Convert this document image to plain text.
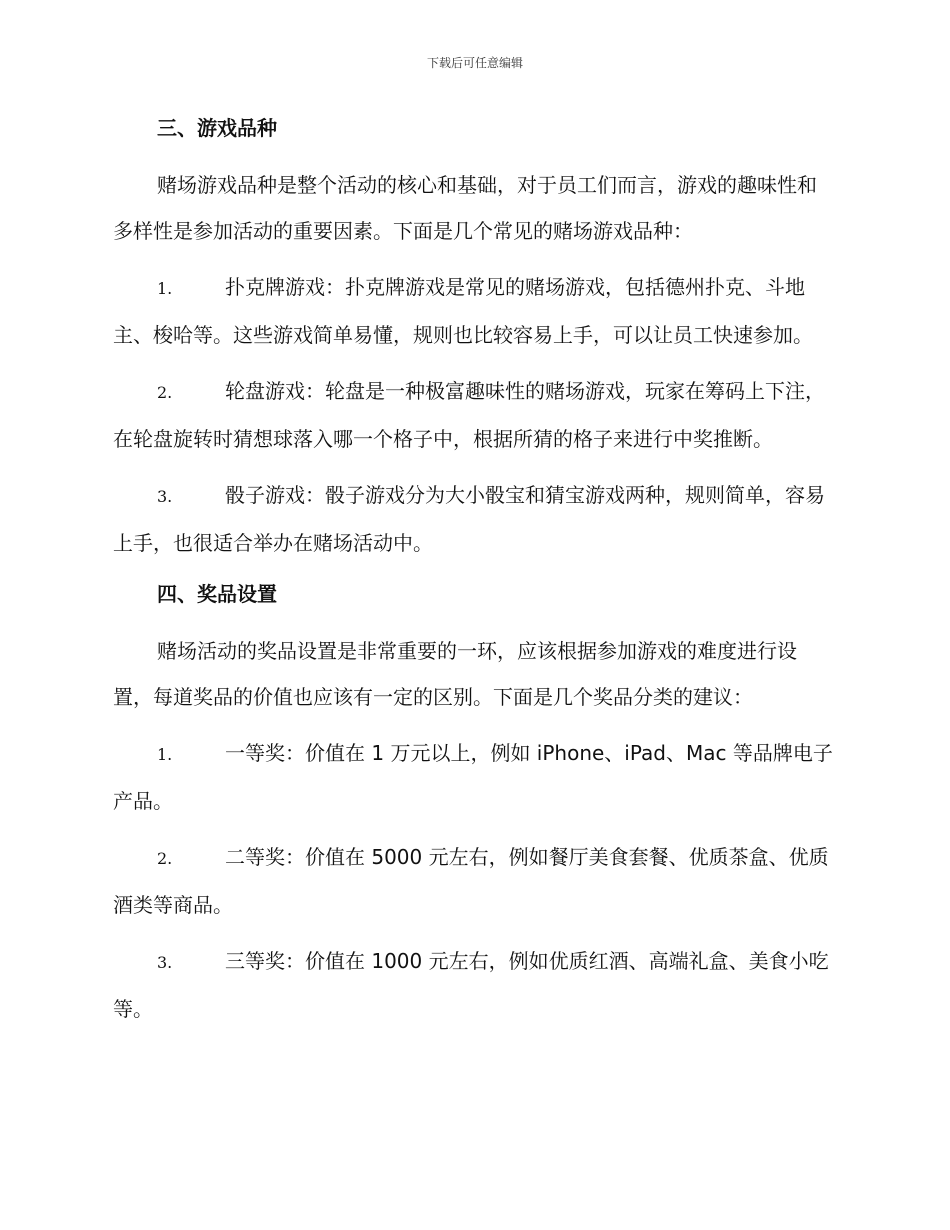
下载后可任意编辑
三、游戏品种

赌场游戏品种是整个活动的核心和基础，对于员工们而言，游戏的趣味性和多样性是参加活动的重要因素。下面是几个常见的赌场游戏品种：

1.	扑克牌游戏：扑克牌游戏是常见的赌场游戏，包括德州扑克、斗地主、梭哈等。这些游戏简单易懂，规则也比较容易上手，可以让员工快速参加。

2.	轮盘游戏：轮盘是一种极富趣味性的赌场游戏，玩家在筹码上下注，在轮盘旋转时猜想球落入哪一个格子中，根据所猜的格子来进行中奖推断。

3.	骰子游戏：骰子游戏分为大小骰宝和猜宝游戏两种，规则简单，容易上手，也很适合举办在赌场活动中。

四、奖品设置

赌场活动的奖品设置是非常重要的一环，应该根据参加游戏的难度进行设置，每道奖品的价值也应该有一定的区别。下面是几个奖品分类的建议：

1.	一等奖：价值在 1 万元以上，例如 iPhone、iPad、Mac 等品牌电子产品。

2.	二等奖：价值在 5000 元左右，例如餐厅美食套餐、优质茶盒、优质酒类等商品。

3.	三等奖：价值在 1000 元左右，例如优质红酒、高端礼盒、美食小吃等。
